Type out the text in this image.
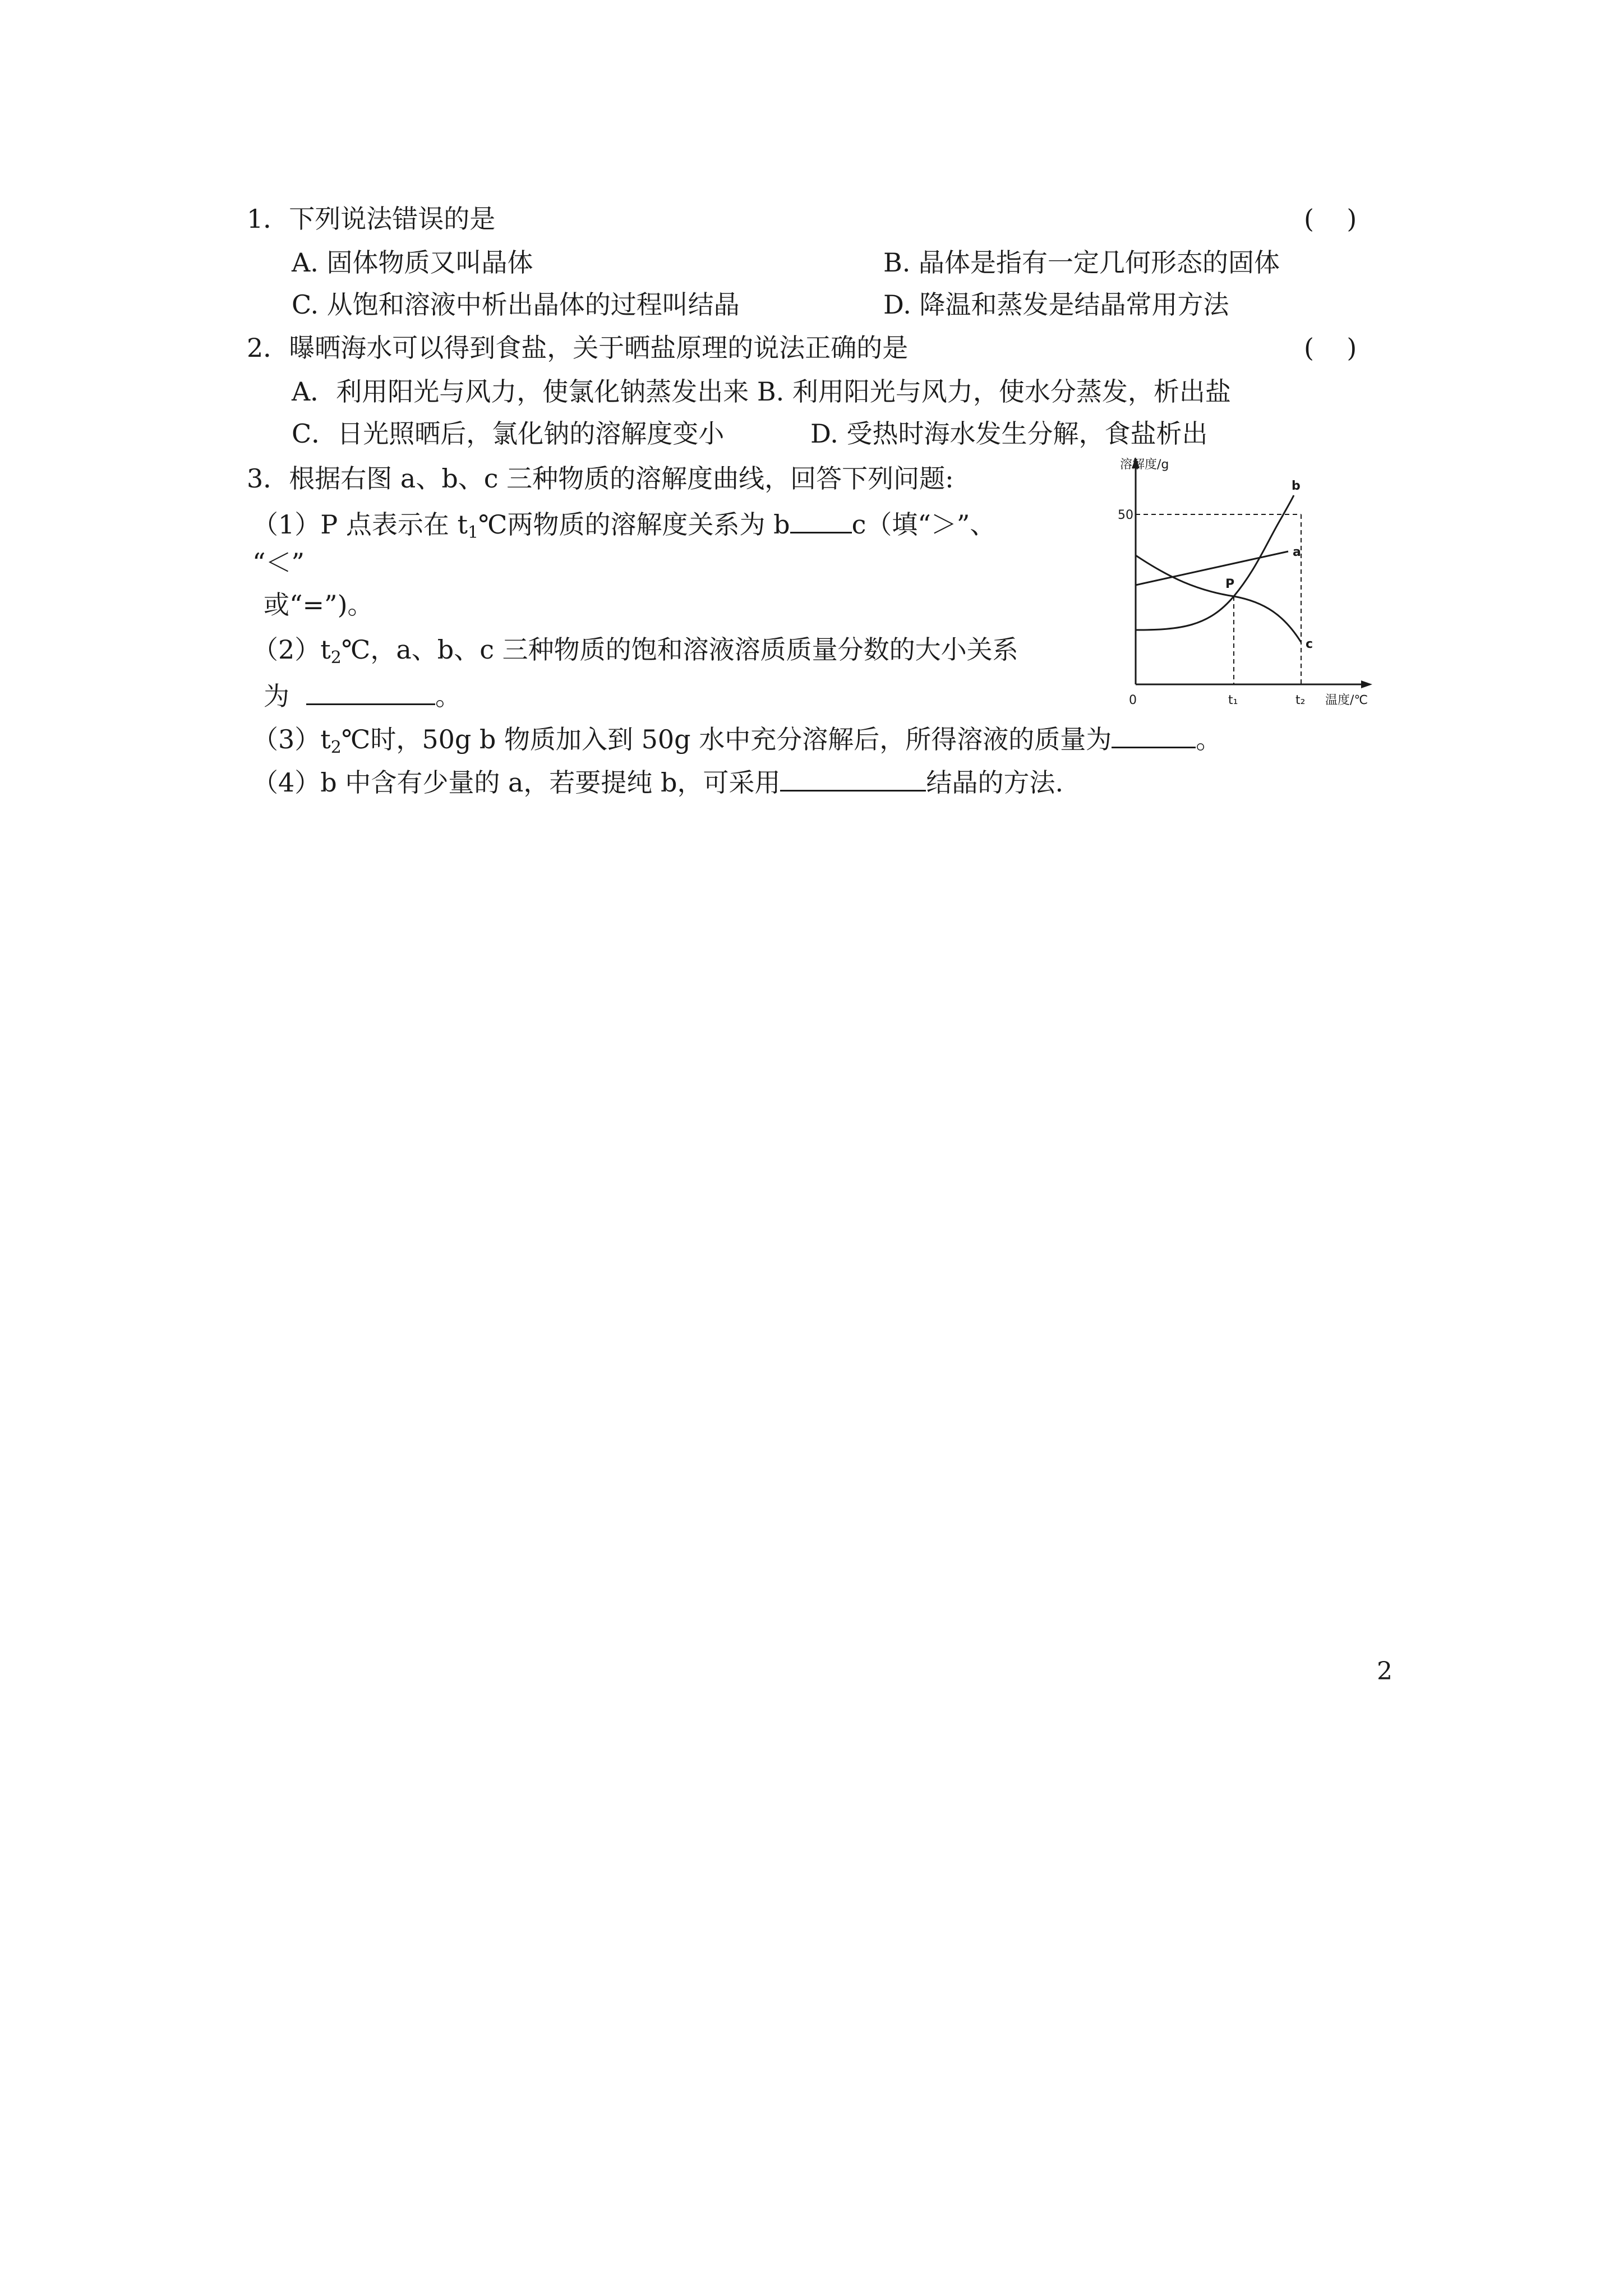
1．下列说法错误的是	(    )
A. 固体物质又叫晶体	B. 晶体是指有一定几何形态的固体
C. 从饱和溶液中析出晶体的过程叫结晶	D. 降温和蒸发是结晶常用方法
2．曝晒海水可以得到食盐，关于晒盐原理的说法正确的是	(    )
A．利用阳光与风力，使氯化钠蒸发出来 B. 利用阳光与风力，使水分蒸发，析出盐
C．日光照晒后，氯化钠的溶解度变小	D. 受热时海水发生分解，食盐析出
3．根据右图 a、b、c 三种物质的溶解度曲线，回答下列问题:
（1）P 点表示在 $t_1℃$两物质的溶解度关系为 b c（填“＞”、
“＜”
或“=”)。
$(2)t_2℃$，a、b、c 三种物质的饱和溶液溶质质量分数的大小关系
为	。
$(3)t_2℃$时，50g b 物质加入到 50g 水中充分溶解后，所得溶液的质量为	。
（4）b 中含有少量的 a，若要提纯 b，可采用	结晶的方法.
溶解度/g
温度/℃
50
0	t₁	t₂
P
a
b
c
2
